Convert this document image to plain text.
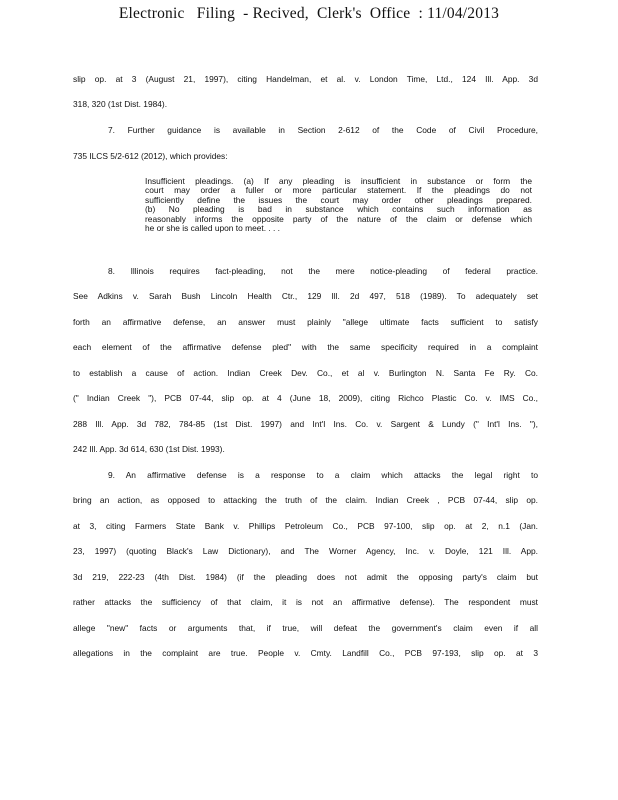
Electronic   Filing  - Recived,  Clerk's  Office  : 11/04/2013
slip op. at 3 (August 21, 1997), citing Handelman, et al. v. London Time, Ltd., 124 Ill. App. 3d
318, 320 (1st Dist. 1984).
7. Further guidance is available in Section 2-612 of the Code of Civil Procedure,
735 ILCS 5/2-612 (2012), which provides:
8. Illinois requires fact-pleading, not the mere notice-pleading of federal practice.
See Adkins v. Sarah Bush Lincoln Health Ctr., 129 Ill. 2d 497, 518 (1989). To adequately set
forth an affirmative defense, an answer must plainly "allege ultimate facts sufficient to satisfy
each element of the affirmative defense pled" with the same specificity required in a complaint
to establish a cause of action. Indian Creek Dev. Co., et al v. Burlington N. Santa Fe Ry. Co.
(" Indian Creek "), PCB 07-44, slip op. at 4 (June 18, 2009), citing Richco Plastic Co. v. IMS Co.,
288 Ill. App. 3d 782, 784-85 (1st Dist. 1997) and Int'l Ins. Co. v. Sargent & Lundy (" Int'l Ins. "),
242 Ill. App. 3d 614, 630 (1st Dist. 1993).
9. An affirmative defense is a response to a claim which attacks the legal right to
bring an action, as opposed to attacking the truth of the claim. Indian Creek , PCB 07-44, slip op.
at 3, citing Farmers State Bank v. Phillips Petroleum Co., PCB 97-100, slip op. at 2, n.1 (Jan.
23, 1997) (quoting Black's Law Dictionary), and The Worner Agency, Inc. v. Doyle, 121 Ill. App.
3d 219, 222-23 (4th Dist. 1984) (if the pleading does not admit the opposing party's claim but
rather attacks the sufficiency of that claim, it is not an affirmative defense). The respondent must
allege "new" facts or arguments that, if true, will defeat the government's claim even if all
allegations in the complaint are true. People v. Cmty. Landfill Co., PCB 97-193, slip op. at 3
Insufficient pleadings. (a) If any pleading is insufficient in substance or form the
court may order a fuller or more particular statement. If the pleadings do not
sufficiently define the issues the court may order other pleadings prepared.
(b) No pleading is bad in substance which contains such information as
reasonably informs the opposite party of the nature of the claim or defense which
he or she is called upon to meet. . . .
